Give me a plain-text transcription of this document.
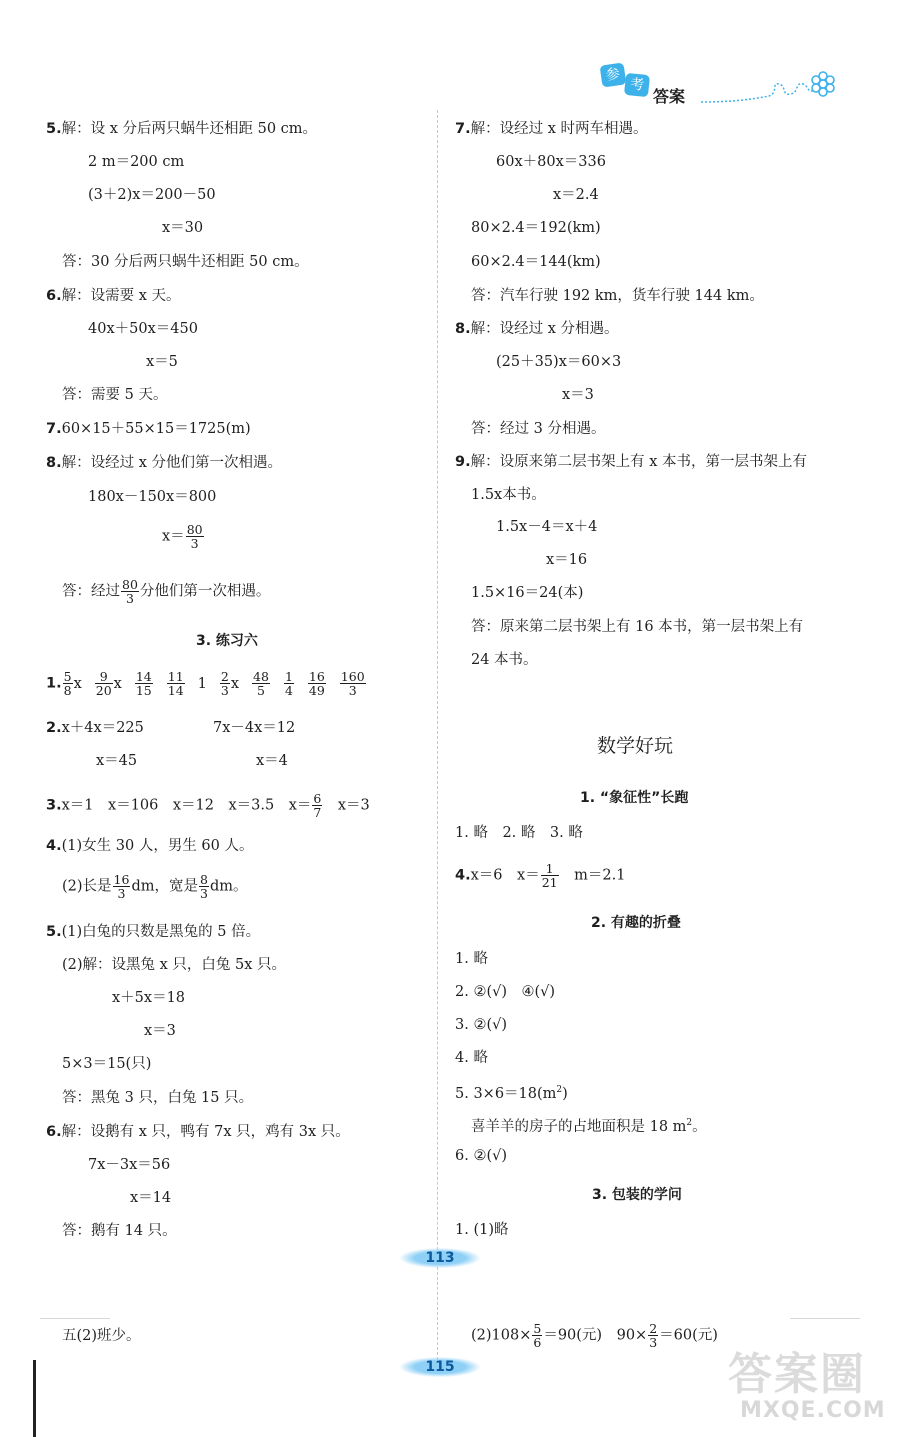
参
考
答案
5.解：设 x 分后两只蜗牛还相距 50 cm。
2 m＝200 cm
(3＋2)x＝200－50
x＝30
答：30 分后两只蜗牛还相距 50 cm。
6.解：设需要 x 天。
40x＋50x＝450
x＝5
答：需要 5 天。
7.60×15＋55×15＝1725(m)
8.解：设经过 x 分他们第一次相遇。
180x－150x＝800
$x= \frac{80}{3}$
答：经过 $\frac{80}{3}$ 分他们第一次相遇。
3. 练习六
1. $\frac{5}{8}$ x $\frac{9}{20}$ x $\frac{14}{15} \frac{11}{14} 1 \frac{2}{3}$ x $\frac{48}{5} \frac{1}{4} \frac{16}{49} \frac{160}{3}$
2.x＋4x＝225	7x－4x＝12
x＝45	x＝4
3.x＝1　x＝106　x＝12　x＝3.5　$x= \frac{6}{7}$ 　x＝3
4.(1)女生 30 人，男生 60 人。
(2)长是 $\frac{16}{3}$ dm，宽是 $\frac{8}{3}$ dm。
5.(1)白兔的只数是黑兔的 5 倍。
(2)解：设黑兔 x 只，白兔 5x 只。
x＋5x＝18
x＝3
5×3＝15(只)
答：黑兔 3 只，白兔 15 只。
6.解：设鹅有 x 只，鸭有 7x 只，鸡有 3x 只。
7x－3x＝56
x＝14
答：鹅有 14 只。
7.解：设经过 x 时两车相遇。
60x＋80x＝336
x＝2.4
80×2.4＝192(km)
60×2.4＝144(km)
答：汽车行驶 192 km，货车行驶 144 km。
8.解：设经过 x 分相遇。
(25＋35)x＝60×3
x＝3
答：经过 3 分相遇。
9.解：设原来第二层书架上有 x 本书，第一层书架上有
1.5x本书。
1.5x－4＝x＋4
x＝16
1.5×16＝24(本)
答：原来第二层书架上有 16 本书，第一层书架上有
24 本书。
数学好玩
1. “象征性”长跑
1. 略　2. 略　3. 略
4.x＝6　$x= \frac{1}{21}$ 　m＝2.1
2. 有趣的折叠
1. 略
2. ②(√)　④(√)
3. ②(√)
4. 略
5. $3\times 6=18(m^2)$
喜羊羊的房子的占地面积是 18 $m^2$。
6. ②(√)
3. 包装的学问
1. (1)略
113
五(2)班少。	$(2)108\times \frac{5}{6} =90$(元)　$90\times \frac{2}{3} =60$(元)
115	答案圈
MXQE.COM
